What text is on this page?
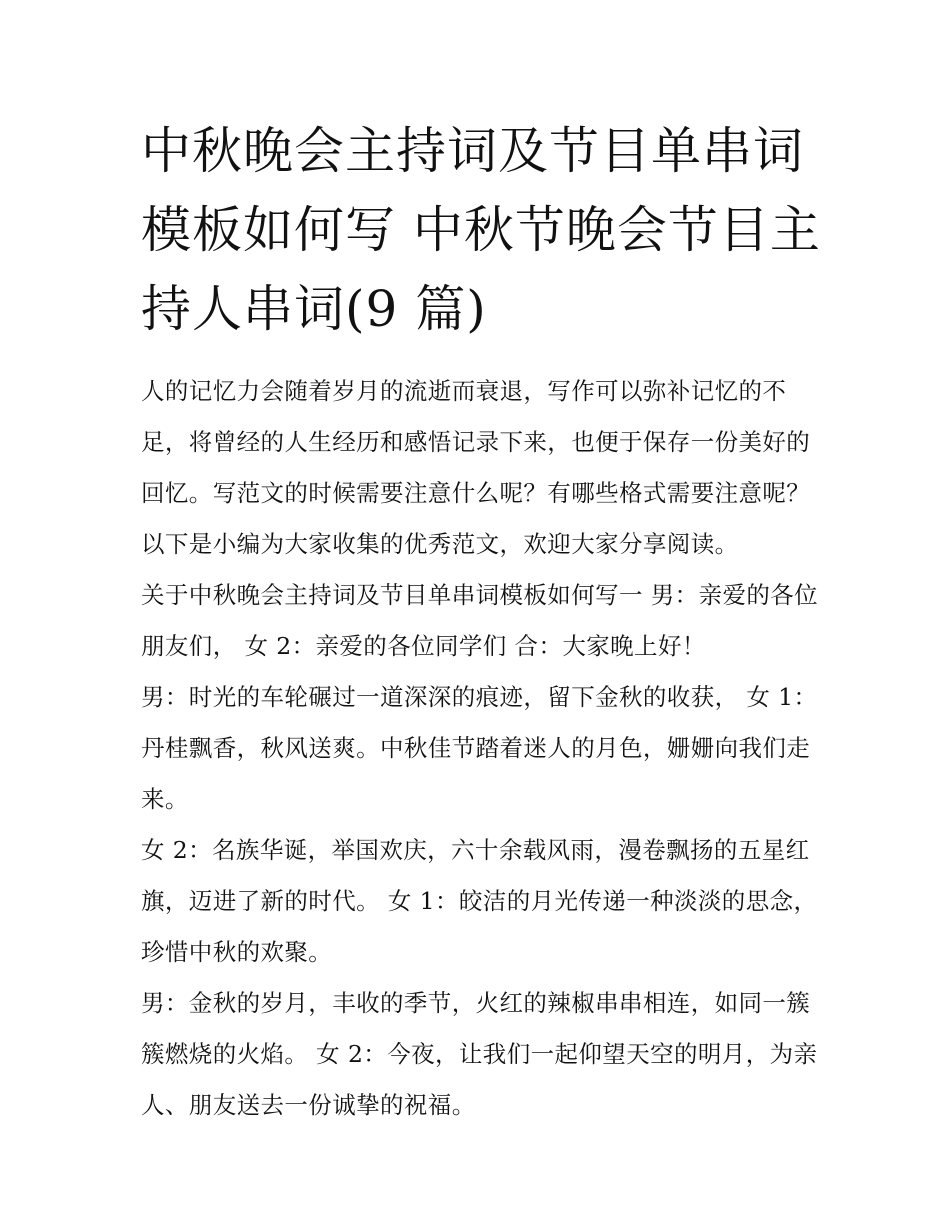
中秋晚会主持词及节目单串词
模板如何写 中秋节晚会节目主
持人串词(9 篇)

人的记忆力会随着岁月的流逝而衰退，写作可以弥补记忆的不足，将曾经的人生经历和感悟记录下来，也便于保存一份美好的回忆。写范文的时候需要注意什么呢？有哪些格式需要注意呢？以下是小编为大家收集的优秀范文，欢迎大家分享阅读。

关于中秋晚会主持词及节目单串词模板如何写一 男：亲爱的各位朋友们， 女 2：亲爱的各位同学们 合：大家晚上好！

男：时光的车轮碾过一道深深的痕迹，留下金秋的收获， 女 1：丹桂飘香，秋风送爽。中秋佳节踏着迷人的月色，姗姗向我们走来。

女 2：名族华诞，举国欢庆，六十余载风雨，漫卷飘扬的五星红旗，迈进了新的时代。 女 1：皎洁的月光传递一种淡淡的思念，珍惜中秋的欢聚。

男：金秋的岁月，丰收的季节，火红的辣椒串串相连，如同一簇簇燃烧的火焰。 女 2：今夜，让我们一起仰望天空的明月，为亲人、朋友送去一份诚挚的祝福。
